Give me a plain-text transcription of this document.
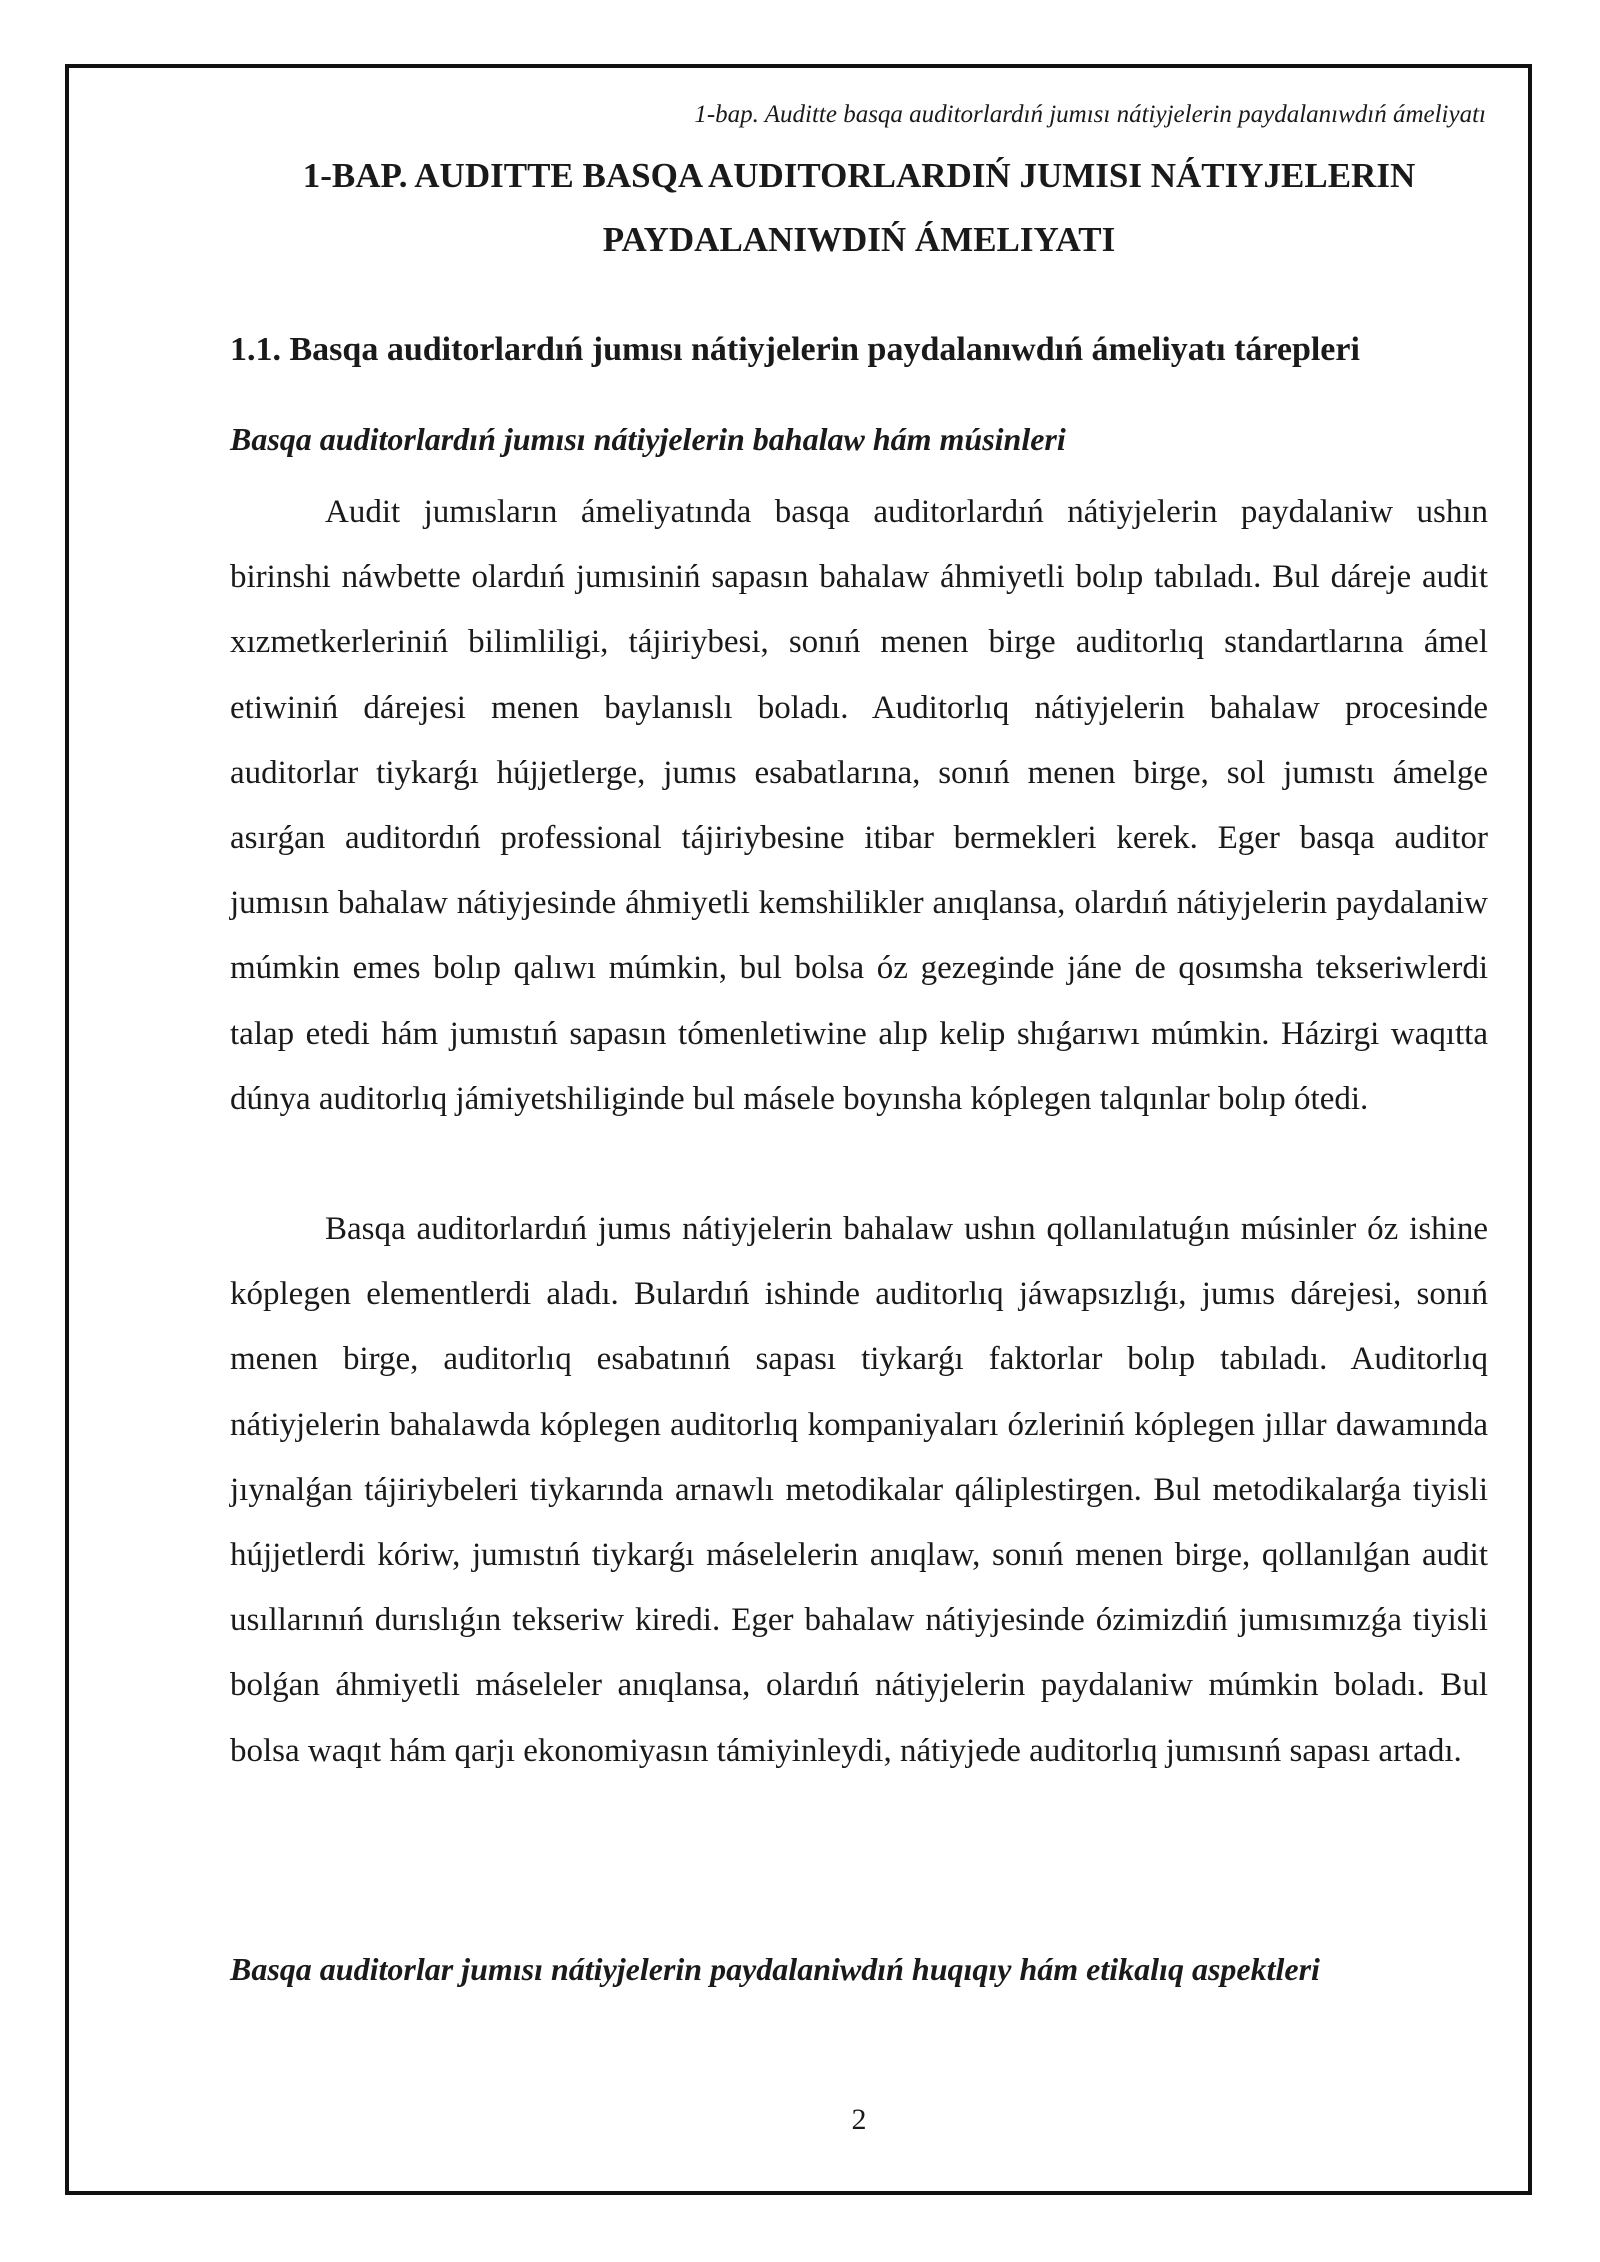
1-bap. Auditte basqa auditorlardıń jumısı nátiyjelerin paydalanıwdıń ámeliyatı
1-BAP. AUDITTE BASQA AUDITORLARDIŃ JUMISI NÁTIYJELERIN
PAYDALANIWDIŃ ÁMELIYATI
1.1. Basqa auditorlardıń jumısı nátiyjelerin paydalanıwdıń ámeliyatı tárepleri
Basqa auditorlardıń jumısı nátiyjelerin bahalaw hám músinleri

Audit jumısların ámeliyatında basqa auditorlardıń nátiyjelerin paydalaniw ushın birinshi náwbette olardıń jumısiniń sapasın bahalaw áhmiyetli bolıp tabıladı. Bul dáreje audit xızmetkerleriniń bilimliligi, tájiriybesi, sonıń menen birge auditorlıq standartlarına ámel etiwiniń dárejesi menen baylanıslı boladı. Auditorlıq nátiyjelerin bahalaw procesinde auditorlar tiykarǵı hújjetlerge, jumıs esabatlarına, sonıń menen birge, sol jumıstı ámelge asırǵan auditordıń professional tájiriybesine itibar bermekleri kerek. Eger basqa auditor jumısın bahalaw nátiyjesinde áhmiyetli kemshilikler anıqlansa, olardıń nátiyjelerin paydalaniw múmkin emes bolıp qalıwı múmkin, bul bolsa óz gezeginde jáne de qosımsha tekseriwlerdi talap etedi hám jumıstıń sapasın tómenletiwine alıp kelip shıǵarıwı múmkin. Házirgi waqıtta dúnya auditorlıq jámiyetshiliginde bul másele boyınsha kóplegen talqınlar bolıp ótedi.

Basqa auditorlardıń jumıs nátiyjelerin bahalaw ushın qollanılatuǵın músinler óz ishine kóplegen elementlerdi aladı. Bulardıń ishinde auditorlıq jáwapsızlıǵı, jumıs dárejesi, sonıń menen birge, auditorlıq esabatınıń sapası tiykarǵı faktorlar bolıp tabıladı. Auditorlıq nátiyjelerin bahalawda kóplegen auditorlıq kompaniyaları ózleriniń kóplegen jıllar dawamında jıynalǵan tájiriybeleri tiykarında arnawlı metodikalar qáliplestirgen. Bul metodikalarǵa tiyisli hújjetlerdi kóriw, jumıstıń tiykarǵı máselelerin anıqlaw, sonıń menen birge, qollanılǵan audit usıllarınıń durıslıǵın tekseriw kiredi. Eger bahalaw nátiyjesinde ózimizdiń jumısımızǵa tiyisli bolǵan áhmiyetli máseleler anıqlansa, olardıń nátiyjelerin paydalaniw múmkin boladı. Bul bolsa waqıt hám qarjı ekonomiyasın támiyinleydi, nátiyjede auditorlıq jumısınń sapası artadı.

Basqa auditorlar jumısı nátiyjelerin paydalaniwdıń huqıqıy hám etikalıq aspektleri
2
